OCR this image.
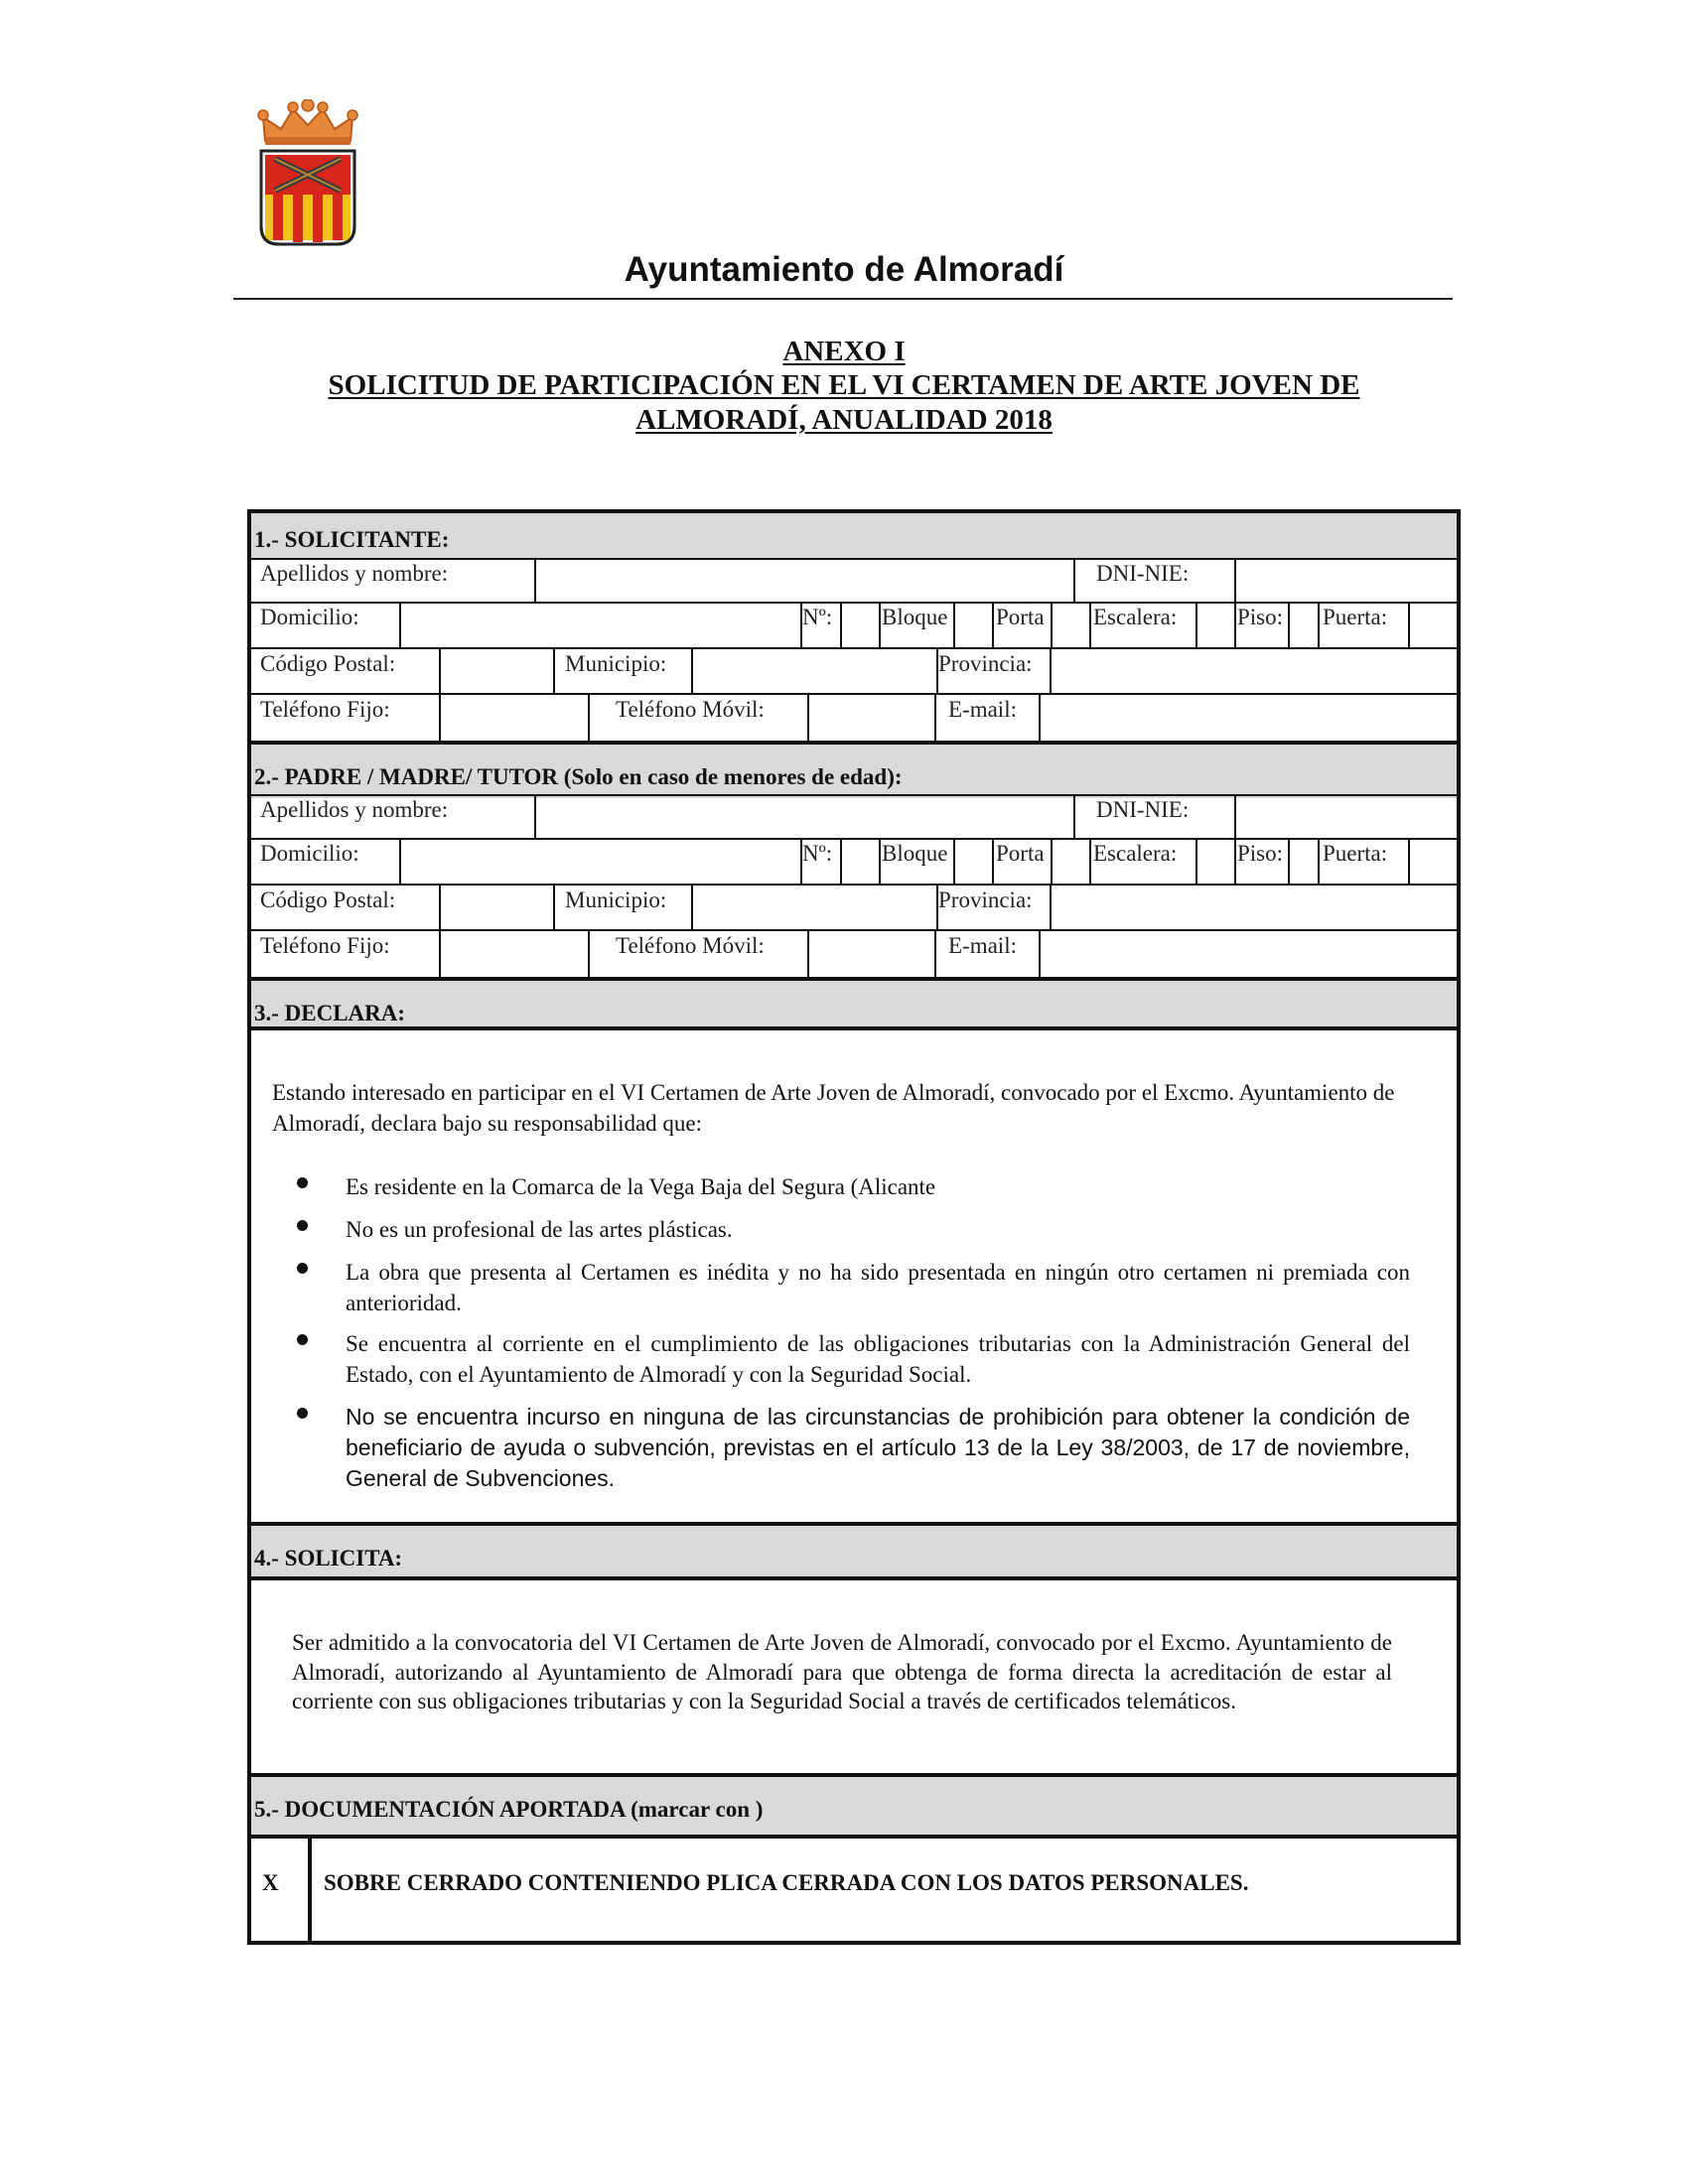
Ayuntamiento de Almoradí
ANEXO I
SOLICITUD DE PARTICIPACIÓN EN EL VI CERTAMEN DE ARTE JOVEN DE
ALMORADÍ, ANUALIDAD 2018
1.- SOLICITANTE:
Apellidos y nombre:	DNI-NIE:
Domicilio:	Nº: Bloque Porta Escalera:	Piso: Puerta:
Código Postal:	Municipio:	Provincia:
Teléfono Fijo:	Teléfono Móvil:	E-mail:
2.- PADRE / MADRE/ TUTOR (Solo en caso de menores de edad):
Apellidos y nombre:	DNI-NIE:
Domicilio:	Nº: Bloque Porta Escalera:	Piso: Puerta:
Código Postal:	Municipio:	Provincia:
Teléfono Fijo:	Teléfono Móvil:	E-mail:
3.- DECLARA:
Estando interesado en participar en el VI Certamen de Arte Joven de Almoradí, convocado por el Excmo. Ayuntamiento de Almoradí, declara bajo su responsabilidad que:
Es residente en la Comarca de la Vega Baja del Segura (Alicante
No es un profesional de las artes plásticas.
La obra que presenta al Certamen es inédita y no ha sido presentada en ningún otro certamen ni premiada con anterioridad.
Se encuentra al corriente en el cumplimiento de las obligaciones tributarias con la Administración General del Estado, con el Ayuntamiento de Almoradí y con la Seguridad Social.
No se encuentra incurso en ninguna de las circunstancias de prohibición para obtener la condición de beneficiario de ayuda o subvención, previstas en el artículo 13 de la Ley 38/2003, de 17 de noviembre, General de Subvenciones.
4.- SOLICITA:
Ser admitido a la convocatoria del VI Certamen de Arte Joven de Almoradí, convocado por el Excmo. Ayuntamiento de Almoradí, autorizando al Ayuntamiento de Almoradí para que obtenga de forma directa la acreditación de estar al corriente con sus obligaciones tributarias y con la Seguridad Social a través de certificados telemáticos.
5.- DOCUMENTACIÓN APORTADA (marcar con )
X SOBRE CERRADO CONTENIENDO PLICA CERRADA CON LOS DATOS PERSONALES.
